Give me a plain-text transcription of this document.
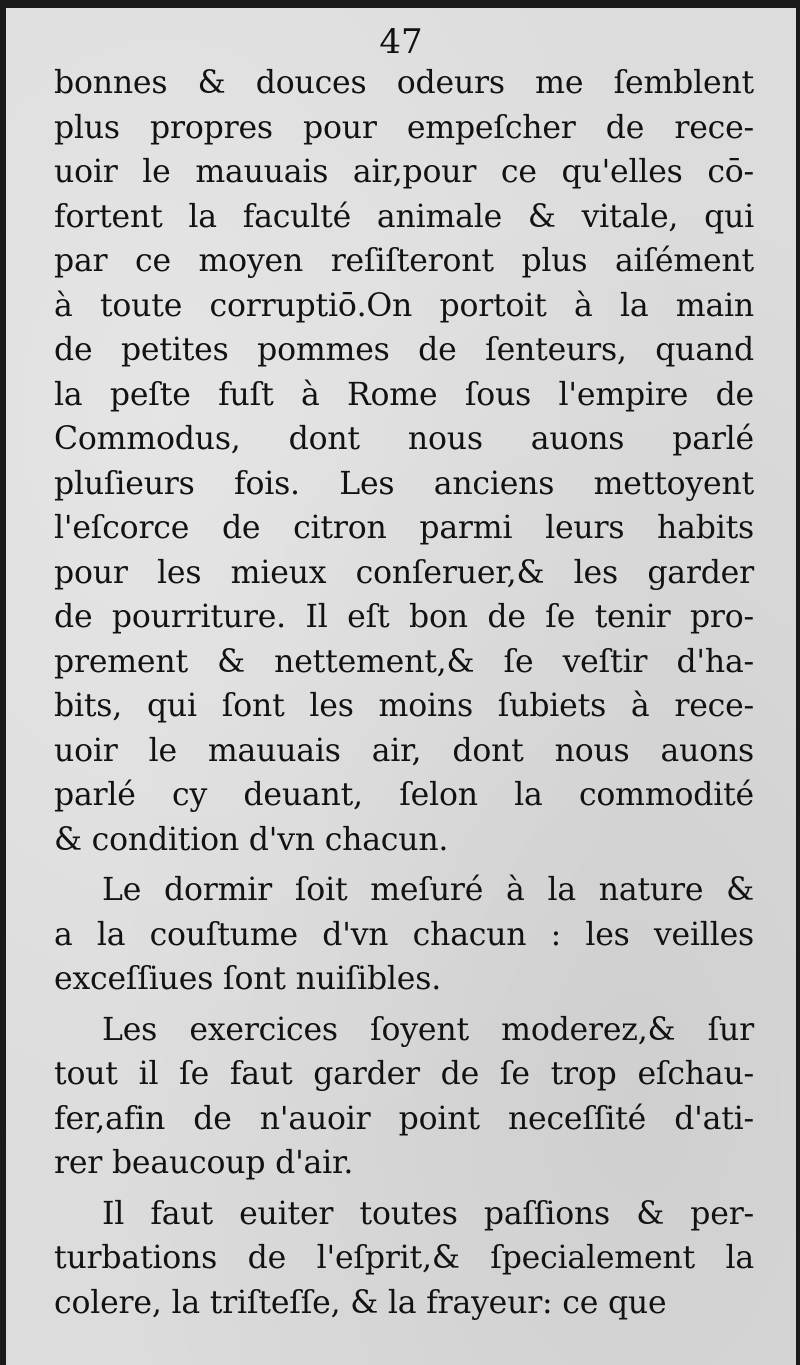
47
bonnes & douces odeurs me ſemblent
plus propres pour empeſcher de rece-
uoir le mauuais air,pour ce qu'elles cō-
fortent la faculté animale & vitale, qui
par ce moyen reſiſteront plus aiſément
à toute corruptiō.On portoit à la main
de petites pommes de ſenteurs, quand
la peſte fuſt à Rome ſous l'empire de
Commodus, dont nous auons parlé
pluſieurs fois. Les anciens mettoyent
l'eſcorce de citron parmi leurs habits
pour les mieux conſeruer,& les garder
de pourriture. Il eſt bon de ſe tenir pro-
prement & nettement,& ſe veſtir d'ha-
bits, qui ſont les moins ſubiets à rece-
uoir le mauuais air, dont nous auons
parlé cy deuant, ſelon la commodité
& condition d'vn chacun.
Le dormir ſoit meſuré à la nature &
a la couſtume d'vn chacun : les veilles
exceſſiues ſont nuiſibles.
Les exercices ſoyent moderez,& ſur
tout il ſe faut garder de ſe trop eſchau-
fer,afin de n'auoir point neceſſité d'ati-
rer beaucoup d'air.
Il faut euiter toutes paſſions & per-
turbations de l'eſprit,& ſpecialement la
colere, la triſteſſe, & la frayeur: ce que
